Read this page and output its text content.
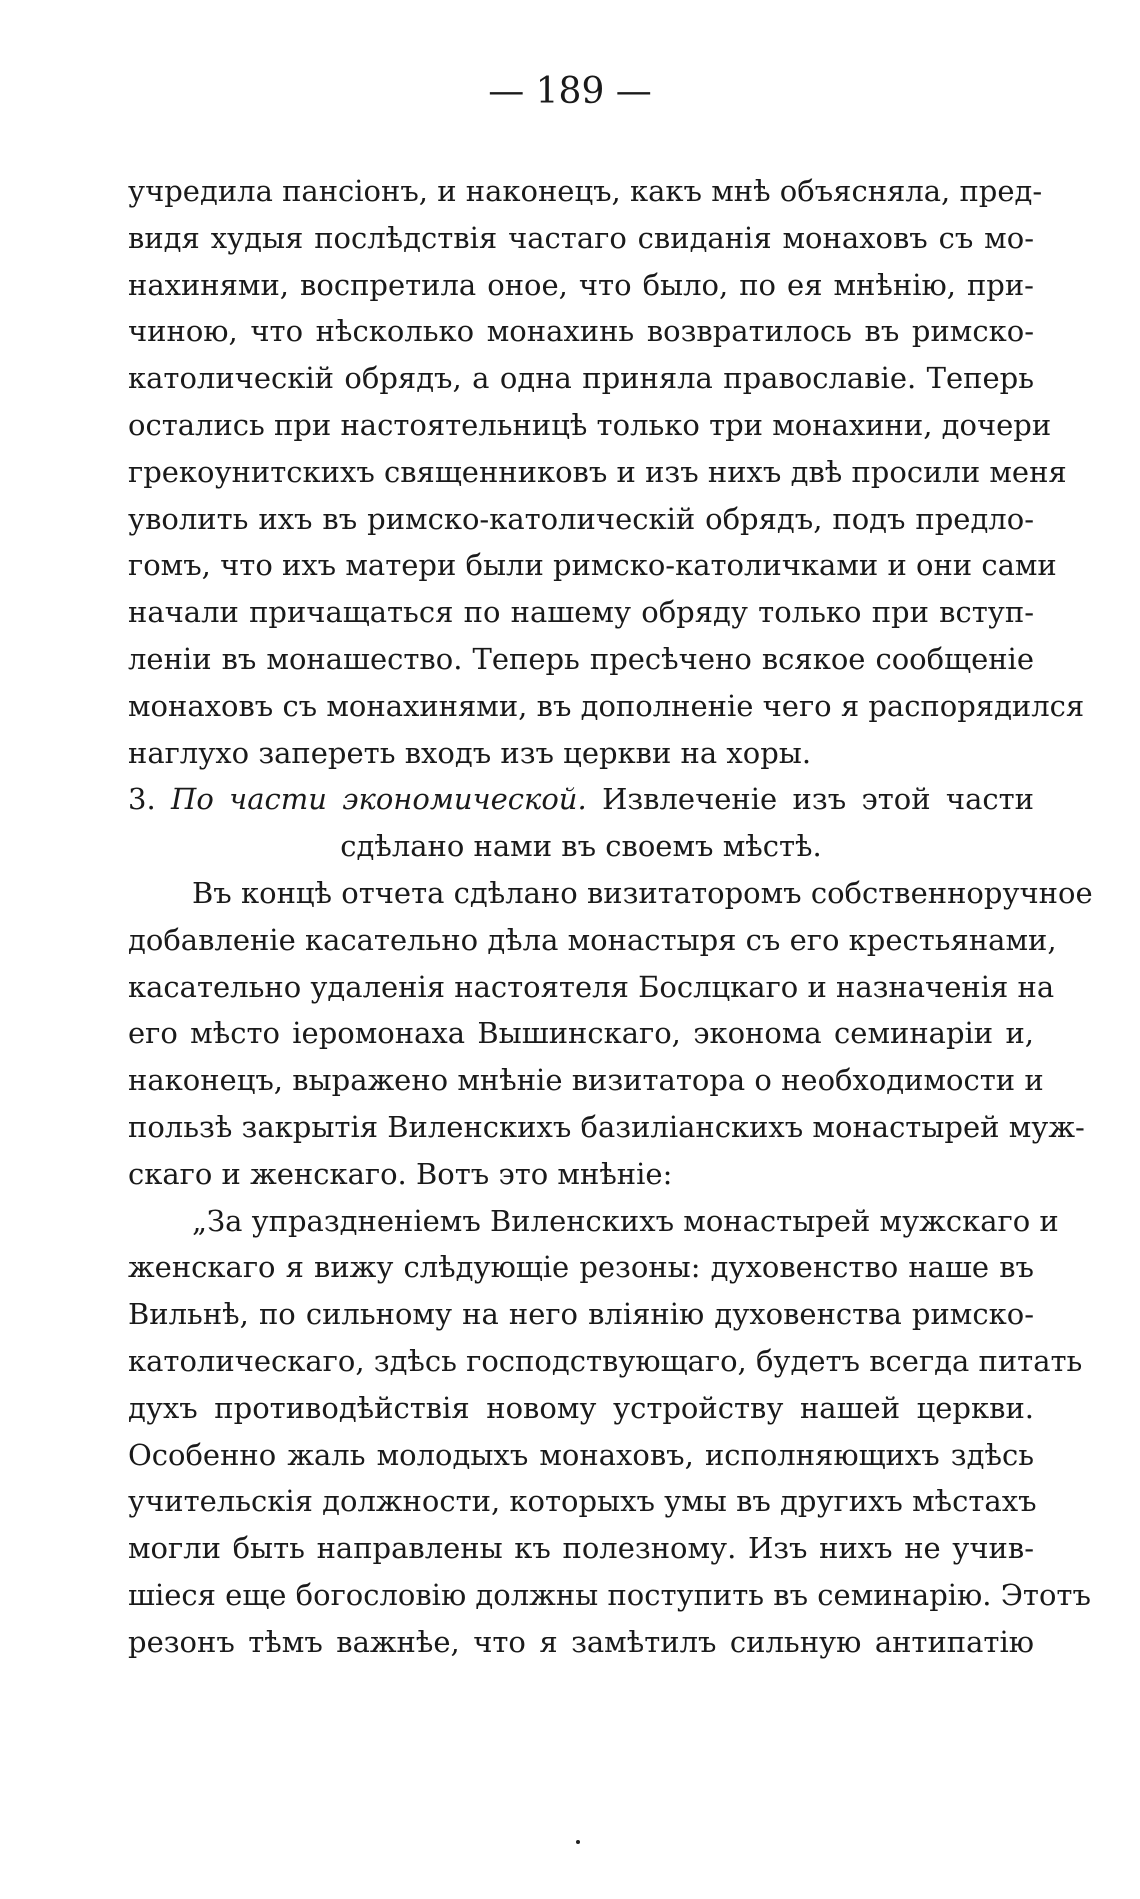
— 189 —
учредила пансіонъ, и наконецъ, какъ мнѣ объясняла, пред-
видя худыя послѣдствія частаго свиданія монаховъ съ мо-
нахинями, воспретила оное, что было, по ея мнѣнію, при-
чиною, что нѣсколько монахинь возвратилось въ римско-
католическій обрядъ, а одна приняла православіе. Теперь
остались при настоятельницѣ только три монахини, дочери
грекоунитскихъ священниковъ и изъ нихъ двѣ просили меня
уволить ихъ въ римско-католическій обрядъ, подъ предло-
гомъ, что ихъ матери были римско-католичками и они сами
начали причащаться по нашему обряду только при вступ-
леніи въ монашество. Теперь пресѣчено всякое сообщеніе
монаховъ съ монахинями, въ дополненіе чего я распорядился
наглухо запереть входъ изъ церкви на хоры.
3. По части экономической. Извлеченіе изъ этой части
сдѣлано нами въ своемъ мѣстѣ.
Въ концѣ отчета сдѣлано визитаторомъ собственноручное
добавленіе касательно дѣла монастыря съ его крестьянами,
касательно удаленія настоятеля Бослцкаго и назначенія на
его мѣсто іеромонаха Вышинскаго, эконома семинаріи и,
наконецъ, выражено мнѣніе визитатора о необходимости и
пользѣ закрытія Виленскихъ базиліанскихъ монастырей муж-
скаго и женскаго. Вотъ это мнѣніе:
„За упраздненіемъ Виленскихъ монастырей мужскаго и
женскаго я вижу слѣдующіе резоны: духовенство наше въ
Вильнѣ, по сильному на него вліянію духовенства римско-
католическаго, здѣсь господствующаго, будетъ всегда питать
духъ противодѣйствія новому устройству нашей церкви.
Особенно жаль молодыхъ монаховъ, исполняющихъ здѣсь
учительскія должности, которыхъ умы въ другихъ мѣстахъ
могли быть направлены къ полезному. Изъ нихъ не учив-
шіеся еще богословію должны поступить въ семинарію. Этотъ
резонъ тѣмъ важнѣе, что я замѣтилъ сильную антипатію
